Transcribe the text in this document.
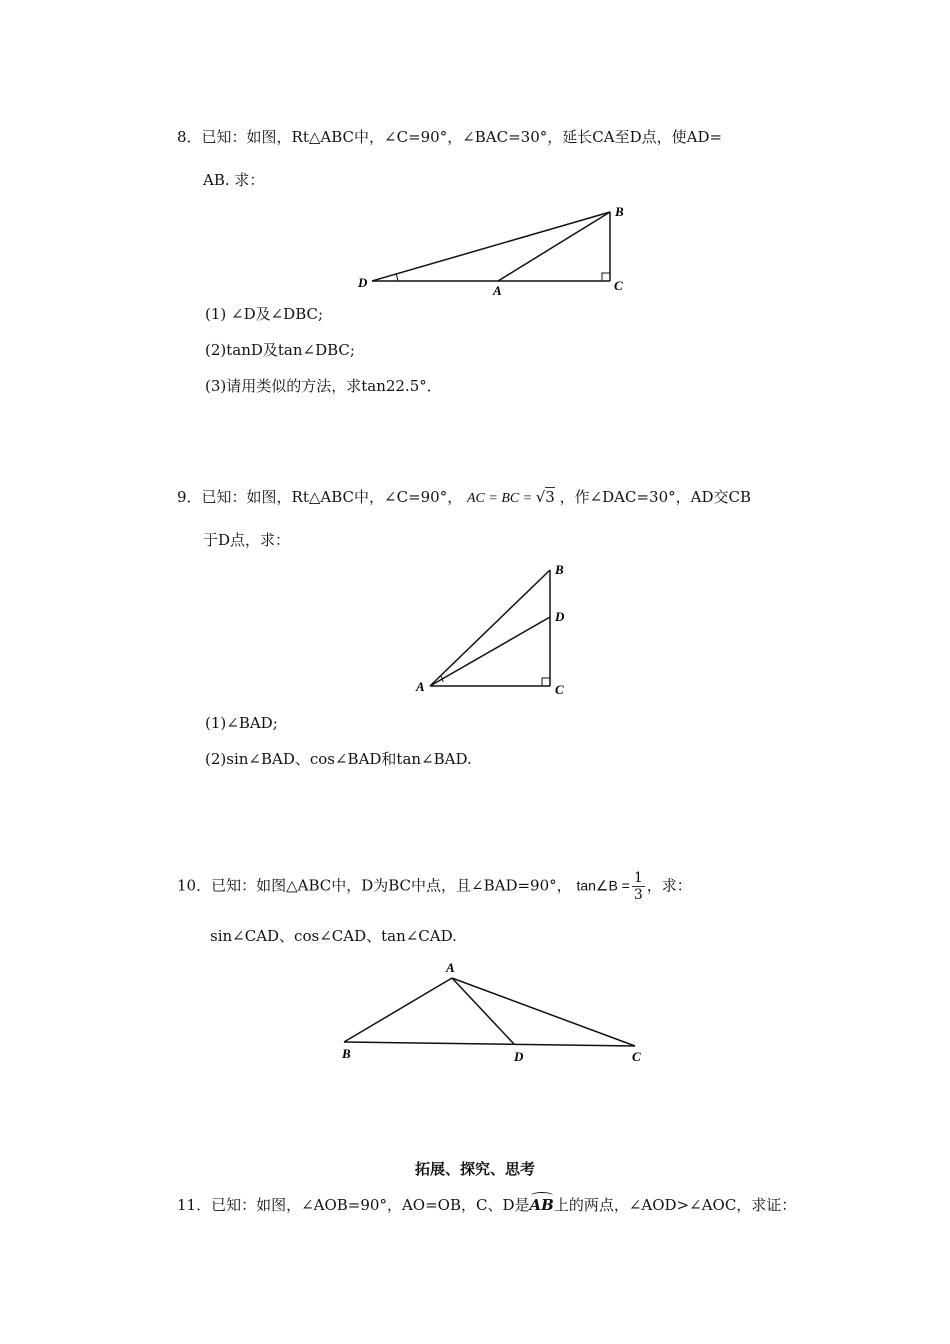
8．已知：如图，Rt△ABC中，∠C=90°，∠BAC=30°，延长CA至D点，使AD=
AB. 求：
B
D
A	C
(1) ∠D及∠DBC;
(2)tanD及tan∠DBC;
(3)请用类似的方法，求tan22.5°．
9．已知：如图，Rt△ABC中，∠C=90°， AC = BC = √3 ，作∠DAC=30°，AD交CB
于D点，求：
B
D
A	C
(1)∠BAD;
(2)sin∠BAD、cos∠BAD和tan∠BAD.
10．已知：如图△ABC中，D为BC中点，且∠BAD=90°， tan∠B = $\frac{1}{3}$ ，求：
sin∠CAD、cos∠CAD、tan∠CAD.
A
B	D	C
拓展、探究、思考
11．已知：如图，∠AOB=90°，AO=OB，C、D是AB上的两点，∠AOD>∠AOC，求证：
